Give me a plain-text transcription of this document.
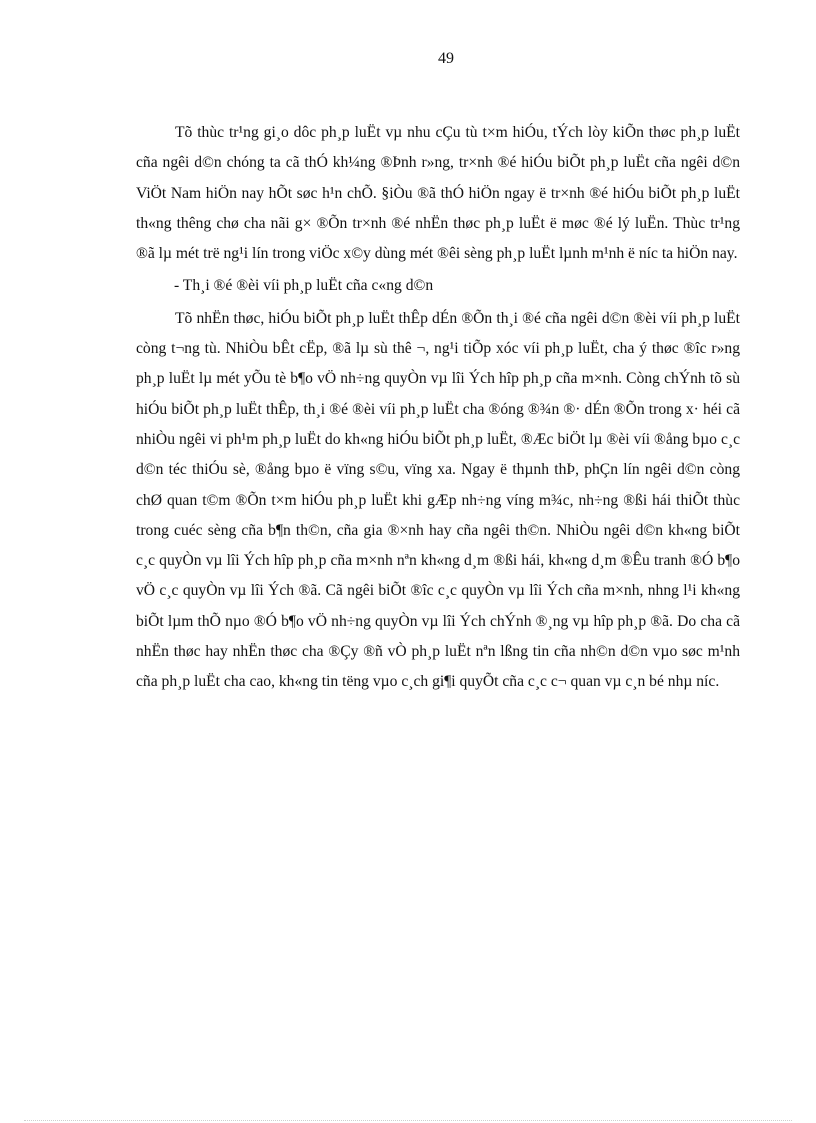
49

Tõ thùc tr¹ng gi¸o dôc ph¸p luËt vµ nhu cÇu tù t×m hiÓu, tÝch lòy kiÕn thøc ph¸p luËt cña ngêi d©n chóng ta cã thÓ kh¼ng ®Þnh r»ng, tr×nh ®é hiÓu biÕt ph¸p luËt cña ngêi d©n ViÖt Nam hiÖn nay hÕt søc h¹n chÕ. §iÒu ®ã thÓ hiÖn ngay ë tr×nh ®é hiÓu biÕt ph¸p luËt th«ng thêng chø cha nãi g× ®Õn tr×nh ®é nhËn thøc ph¸p luËt ë møc ®é lý luËn. Thùc tr¹ng ®ã lµ mét trë ng¹i lín trong viÖc x©y dùng mét ®êi sèng ph¸p luËt lµnh m¹nh ë níc ta hiÖn nay.

- Th¸i ®é ®èi víi ph¸p luËt cña c«ng d©n

Tõ nhËn thøc, hiÓu biÕt ph¸p luËt thÊp dÉn ®Õn th¸i ®é cña ngêi d©n ®èi víi ph¸p luËt còng t¬ng tù. NhiÒu bÊt cËp, ®ã lµ sù thê ¬, ng¹i tiÕp xóc víi ph¸p luËt, cha ý thøc ®îc r»ng ph¸p luËt lµ mét yÕu tè b¶o vÖ nh÷ng quyÒn vµ lîi Ých hîp ph¸p cña m×nh. Còng chÝnh tõ sù hiÓu biÕt ph¸p luËt thÊp, th¸i ®é ®èi víi ph¸p luËt cha ®óng ®¾n ®· dÉn ®Õn trong x· héi cã nhiÒu ngêi vi ph¹m ph¸p luËt do kh«ng hiÓu biÕt ph¸p luËt, ®Æc biÖt lµ ®èi víi ®ång bµo c¸c d©n téc thiÓu sè, ®ång bµo ë vïng s©u, vïng xa. Ngay ë thµnh thÞ, phÇn lín ngêi d©n còng chØ quan t©m ®Õn t×m hiÓu ph¸p luËt khi gÆp nh÷ng víng m¾c, nh÷ng ®ßi hái thiÕt thùc trong cuéc sèng cña b¶n th©n, cña gia ®×nh hay cña ngêi th©n. NhiÒu ngêi d©n kh«ng biÕt c¸c quyÒn vµ lîi Ých hîp ph¸p cña m×nh nªn kh«ng d¸m ®ßi hái, kh«ng d¸m ®Êu tranh ®Ó b¶o vÖ c¸c quyÒn vµ lîi Ých ®ã. Cã ngêi biÕt ®îc c¸c quyÒn vµ lîi Ých cña m×nh, nhng l¹i kh«ng biÕt lµm thÕ nµo ®Ó b¶o vÖ nh÷ng quyÒn vµ lîi Ých chÝnh ®¸ng vµ hîp ph¸p ®ã. Do cha cã nhËn thøc hay nhËn thøc cha ®Çy ®ñ vÒ ph¸p luËt nªn lßng tin cña nh©n d©n vµo søc m¹nh cña ph¸p luËt cha cao, kh«ng tin tëng vµo c¸ch gi¶i quyÕt cña c¸c c¬ quan vµ c¸n bé nhµ níc.
